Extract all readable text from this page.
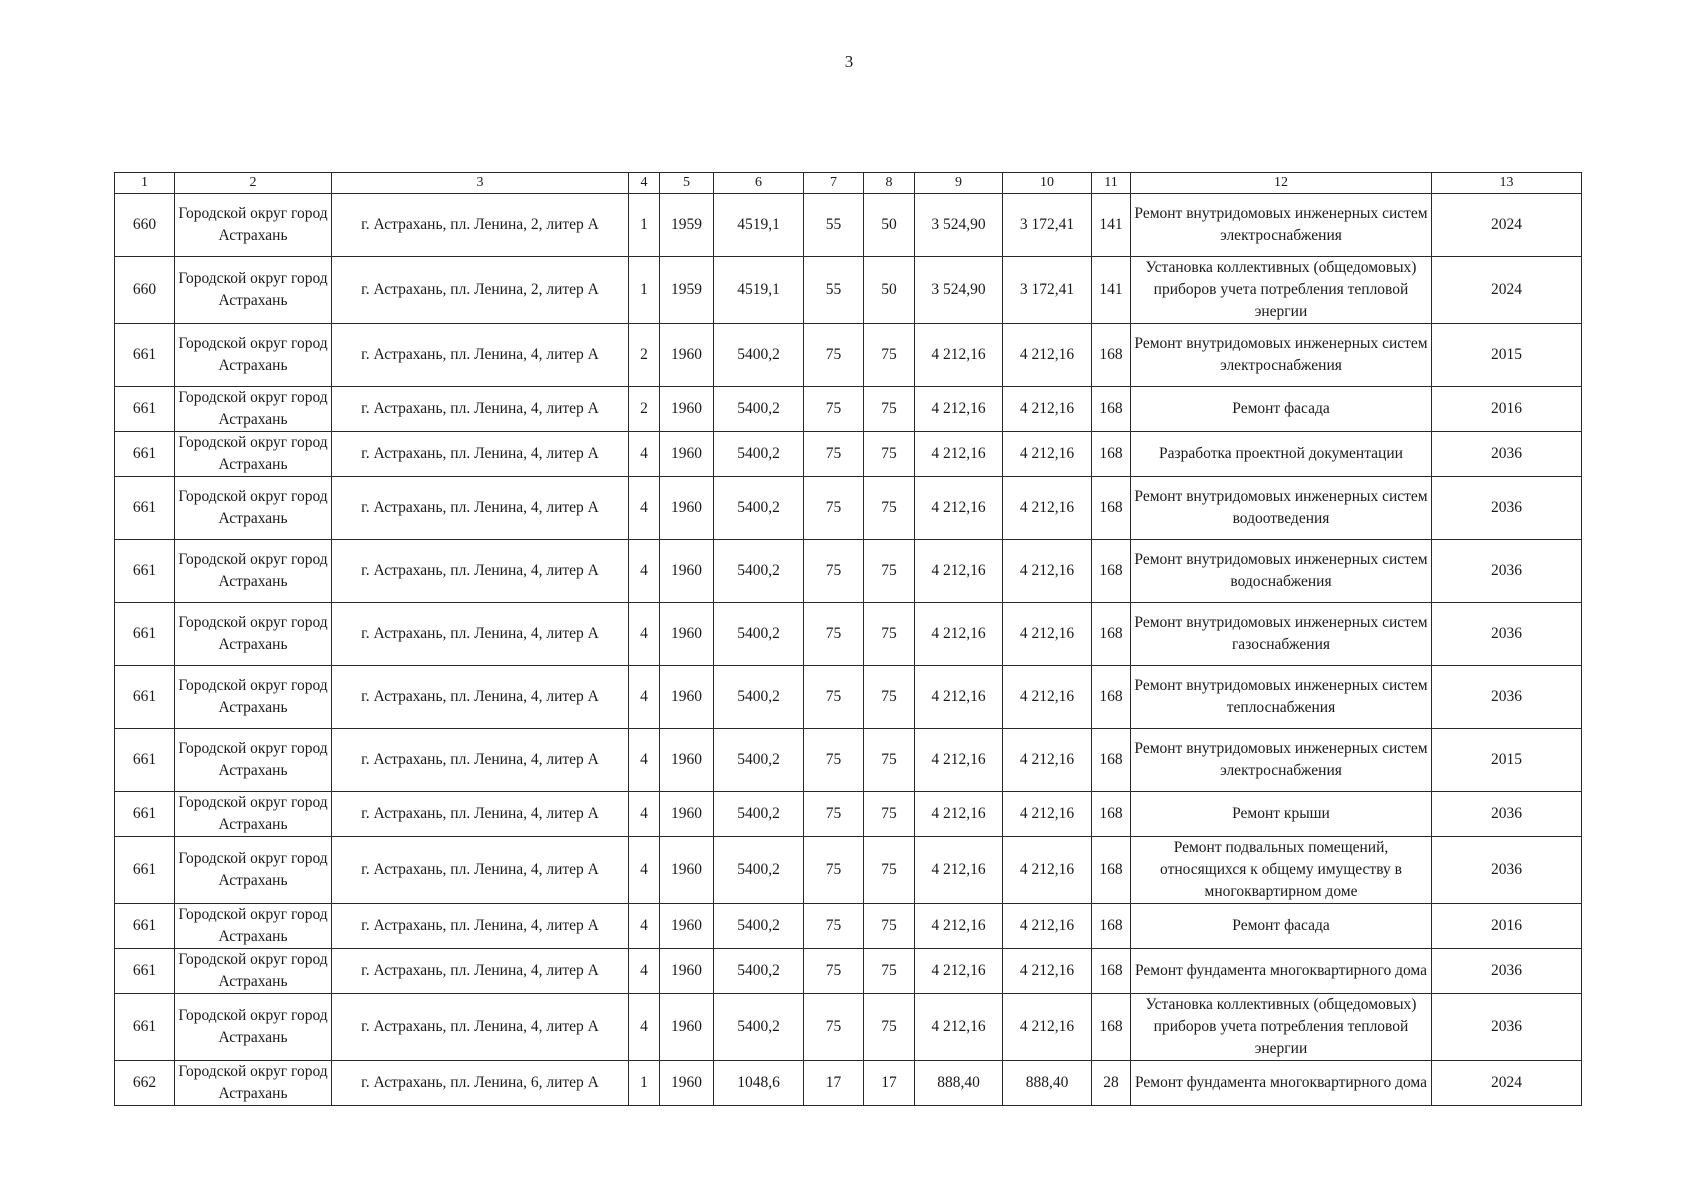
3
1	2	3	4	5	6	7	8	9	10	11	12	13
660	Городской округ город Астрахань	г. Астрахань, пл. Ленина, 2, литер А	1	1959	4519,1	55	50	3 524,90	3 172,41	141	Ремонт внутридомовых инженерных систем электроснабжения	2024
660	Городской округ город Астрахань	г. Астрахань, пл. Ленина, 2, литер А	1	1959	4519,1	55	50	3 524,90	3 172,41	141	Установка коллективных (общедомовых) приборов учета потребления тепловой энергии	2024
661	Городской округ город Астрахань	г. Астрахань, пл. Ленина, 4, литер А	2	1960	5400,2	75	75	4 212,16	4 212,16	168	Ремонт внутридомовых инженерных систем электроснабжения	2015
661	Городской округ город Астрахань	г. Астрахань, пл. Ленина, 4, литер А	2	1960	5400,2	75	75	4 212,16	4 212,16	168	Ремонт фасада	2016
661	Городской округ город Астрахань	г. Астрахань, пл. Ленина, 4, литер А	4	1960	5400,2	75	75	4 212,16	4 212,16	168	Разработка проектной документации	2036
661	Городской округ город Астрахань	г. Астрахань, пл. Ленина, 4, литер А	4	1960	5400,2	75	75	4 212,16	4 212,16	168	Ремонт внутридомовых инженерных систем водоотведения	2036
661	Городской округ город Астрахань	г. Астрахань, пл. Ленина, 4, литер А	4	1960	5400,2	75	75	4 212,16	4 212,16	168	Ремонт внутридомовых инженерных систем водоснабжения	2036
661	Городской округ город Астрахань	г. Астрахань, пл. Ленина, 4, литер А	4	1960	5400,2	75	75	4 212,16	4 212,16	168	Ремонт внутридомовых инженерных систем газоснабжения	2036
661	Городской округ город Астрахань	г. Астрахань, пл. Ленина, 4, литер А	4	1960	5400,2	75	75	4 212,16	4 212,16	168	Ремонт внутридомовых инженерных систем теплоснабжения	2036
661	Городской округ город Астрахань	г. Астрахань, пл. Ленина, 4, литер А	4	1960	5400,2	75	75	4 212,16	4 212,16	168	Ремонт внутридомовых инженерных систем электроснабжения	2015
661	Городской округ город Астрахань	г. Астрахань, пл. Ленина, 4, литер А	4	1960	5400,2	75	75	4 212,16	4 212,16	168	Ремонт крыши	2036
661	Городской округ город Астрахань	г. Астрахань, пл. Ленина, 4, литер А	4	1960	5400,2	75	75	4 212,16	4 212,16	168	Ремонт подвальных помещений, относящихся к общему имуществу в многоквартирном доме	2036
661	Городской округ город Астрахань	г. Астрахань, пл. Ленина, 4, литер А	4	1960	5400,2	75	75	4 212,16	4 212,16	168	Ремонт фасада	2016
661	Городской округ город Астрахань	г. Астрахань, пл. Ленина, 4, литер А	4	1960	5400,2	75	75	4 212,16	4 212,16	168	Ремонт фундамента многоквартирного дома	2036
661	Городской округ город Астрахань	г. Астрахань, пл. Ленина, 4, литер А	4	1960	5400,2	75	75	4 212,16	4 212,16	168	Установка коллективных (общедомовых) приборов учета потребления тепловой энергии	2036
662	Городской округ город Астрахань	г. Астрахань, пл. Ленина, 6, литер А	1	1960	1048,6	17	17	888,40	888,40	28	Ремонт фундамента многоквартирного дома	2024
